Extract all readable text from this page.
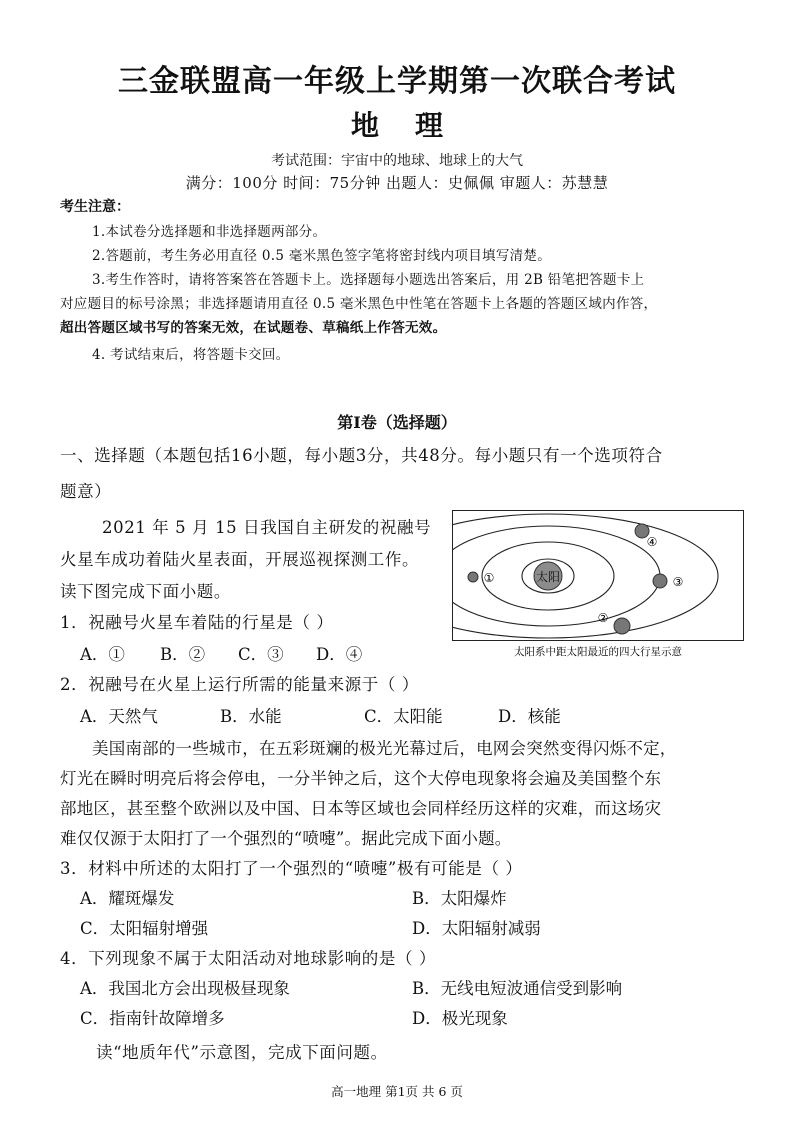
三金联盟高一年级上学期第一次联合考试
地理
考试范围：宇宙中的地球、地球上的大气
满分：100分 时间：75分钟 出题人：史佩佩 审题人：苏慧慧
考生注意：
1.本试卷分选择题和非选择题两部分。
2.答题前，考生务必用直径 0.5 毫米黑色签字笔将密封线内项目填写清楚。
3.考生作答时，请将答案答在答题卡上。选择题每小题选出答案后，用 2B 铅笔把答题卡上
对应题目的标号涂黑；非选择题请用直径 0.5 毫米黑色中性笔在答题卡上各题的答题区域内作答，
超出答题区域书写的答案无效，在试题卷、草稿纸上作答无效。
4. 考试结束后，将答题卡交回。
第Ⅰ卷（选择题）
一、选择题（本题包括16小题，每小题3分，共48分。每小题只有一个选项符合
题意）
2021 年 5 月 15 日我国自主研发的祝融号
火星车成功着陆火星表面，开展巡视探测工作。
读下图完成下面小题。
1．祝融号火星车着陆的行星是（ ）
A．① B．② C．③ D．④
太阳
①	③
②
④
太阳系中距太阳最近的四大行星示意
2．祝融号在火星上运行所需的能量来源于（ ）
A．天然气	B．水能	C．太阳能	D．核能
美国南部的一些城市，在五彩斑斓的极光光幕过后，电网会突然变得闪烁不定，
灯光在瞬时明亮后将会停电，一分半钟之后，这个大停电现象将会遍及美国整个东
部地区，甚至整个欧洲以及中国、日本等区域也会同样经历这样的灾难，而这场灾
难仅仅源于太阳打了一个强烈的“喷嚏”。据此完成下面小题。
3．材料中所述的太阳打了一个强烈的“喷嚏”极有可能是（ ）
A．耀斑爆发	B．太阳爆炸
C．太阳辐射增强	D．太阳辐射减弱
4．下列现象不属于太阳活动对地球影响的是（ ）
A．我国北方会出现极昼现象	B．无线电短波通信受到影响
C．指南针故障增多	D．极光现象
读“地质年代”示意图，完成下面问题。
高一地理 第1页 共 6 页
